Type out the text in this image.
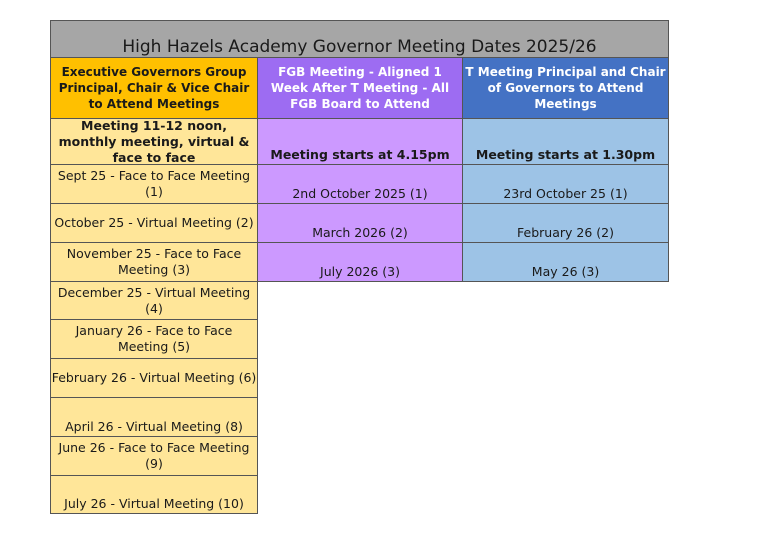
High Hazels Academy Governor Meeting Dates 2025/26
Executive Governors Group Principal, Chair & Vice Chair to Attend Meetings
FGB Meeting - Aligned 1 Week After T Meeting - All FGB Board to Attend
T Meeting Principal and Chair of Governors to Attend Meetings
Meeting 11-12 noon, monthly meeting, virtual & face to face	Meeting starts at 4.15pm	Meeting starts at 1.30pm
Sept 25 - Face to Face Meeting (1)
October 25 - Virtual Meeting (2)
November 25 - Face to Face Meeting (3)
December 25 - Virtual Meeting (4)
January 26 - Face to Face Meeting (5)
February 26 - Virtual Meeting (6)
April 26 - Virtual Meeting (8)
June 26 - Face to Face Meeting (9)
July 26 - Virtual Meeting (10)
2nd October 2025 (1)
March 2026 (2)
July 2026 (3)
23rd October 25 (1)
February 26 (2)
May 26 (3)
